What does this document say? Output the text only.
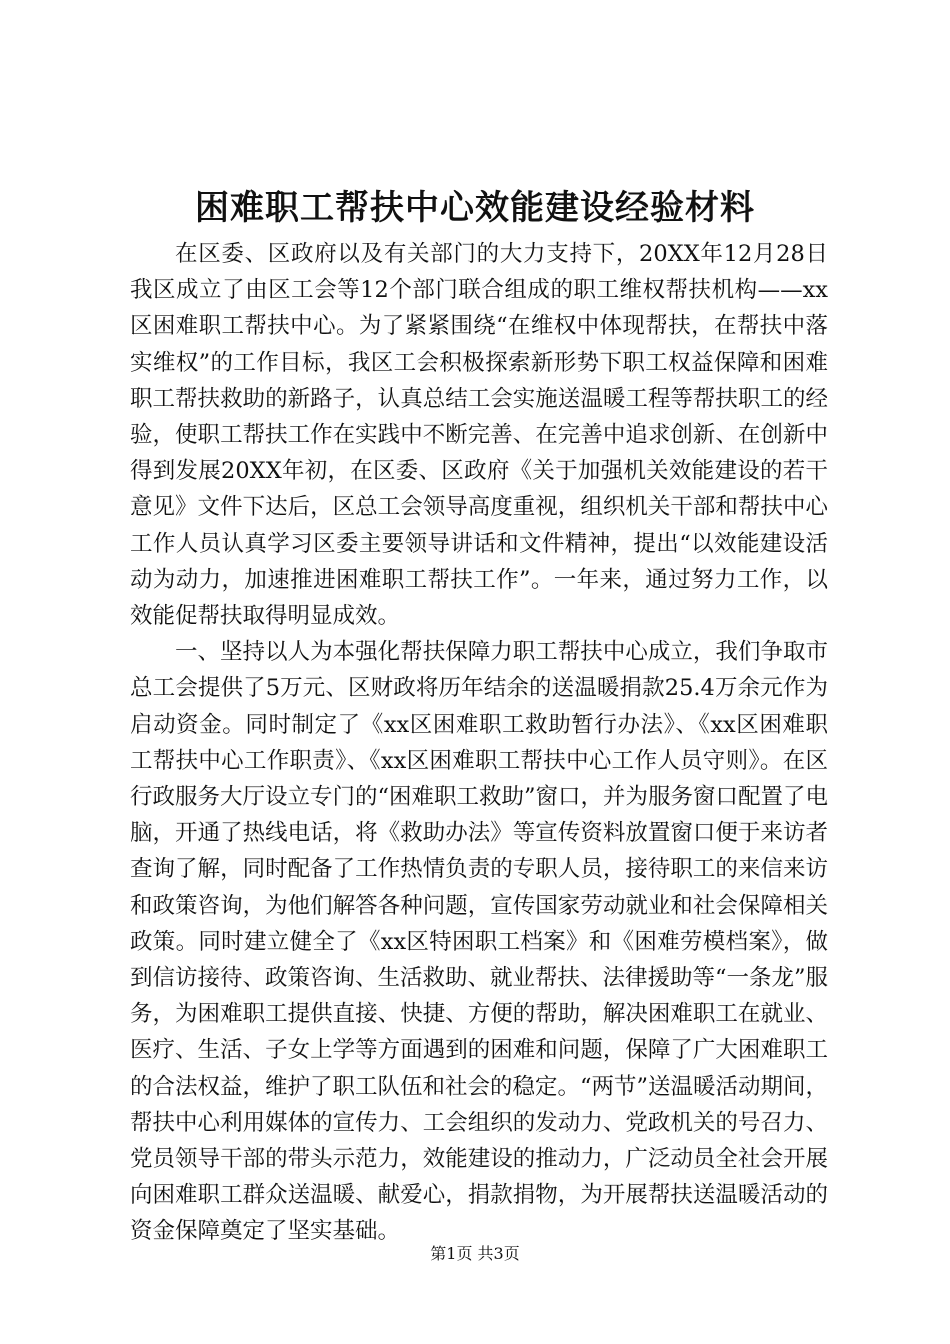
困难职工帮扶中心效能建设经验材料

在区委、区政府以及有关部门的大力支持下，20XX年12月28日我区成立了由区工会等12个部门联合组成的职工维权帮扶机构——xx区困难职工帮扶中心。为了紧紧围绕“在维权中体现帮扶，在帮扶中落实维权”的工作目标，我区工会积极探索新形势下职工权益保障和困难职工帮扶救助的新路子，认真总结工会实施送温暖工程等帮扶职工的经验，使职工帮扶工作在实践中不断完善、在完善中追求创新、在创新中得到发展20XX年初，在区委、区政府《关于加强机关效能建设的若干意见》文件下达后，区总工会领导高度重视，组织机关干部和帮扶中心工作人员认真学习区委主要领导讲话和文件精神，提出“以效能建设活动为动力，加速推进困难职工帮扶工作”。一年来，通过努力工作，以效能促帮扶取得明显成效。

一、坚持以人为本强化帮扶保障力职工帮扶中心成立，我们争取市总工会提供了5万元、区财政将历年结余的送温暖捐款25.4万余元作为启动资金。同时制定了《xx区困难职工救助暂行办法》、《xx区困难职工帮扶中心工作职责》、《xx区困难职工帮扶中心工作人员守则》。在区行政服务大厅设立专门的“困难职工救助”窗口，并为服务窗口配置了电脑，开通了热线电话，将《救助办法》等宣传资料放置窗口便于来访者查询了解，同时配备了工作热情负责的专职人员，接待职工的来信来访和政策咨询，为他们解答各种问题，宣传国家劳动就业和社会保障相关政策。同时建立健全了《xx区特困职工档案》和《困难劳模档案》，做到信访接待、政策咨询、生活救助、就业帮扶、法律援助等“一条龙”服务，为困难职工提供直接、快捷、方便的帮助，解决困难职工在就业、医疗、生活、子女上学等方面遇到的困难和问题，保障了广大困难职工的合法权益，维护了职工队伍和社会的稳定。“两节”送温暖活动期间，帮扶中心利用媒体的宣传力、工会组织的发动力、党政机关的号召力、党员领导干部的带头示范力，效能建设的推动力，广泛动员全社会开展向困难职工群众送温暖、献爱心，捐款捐物，为开展帮扶送温暖活动的资金保障奠定了坚实基础。

第1页 共3页
